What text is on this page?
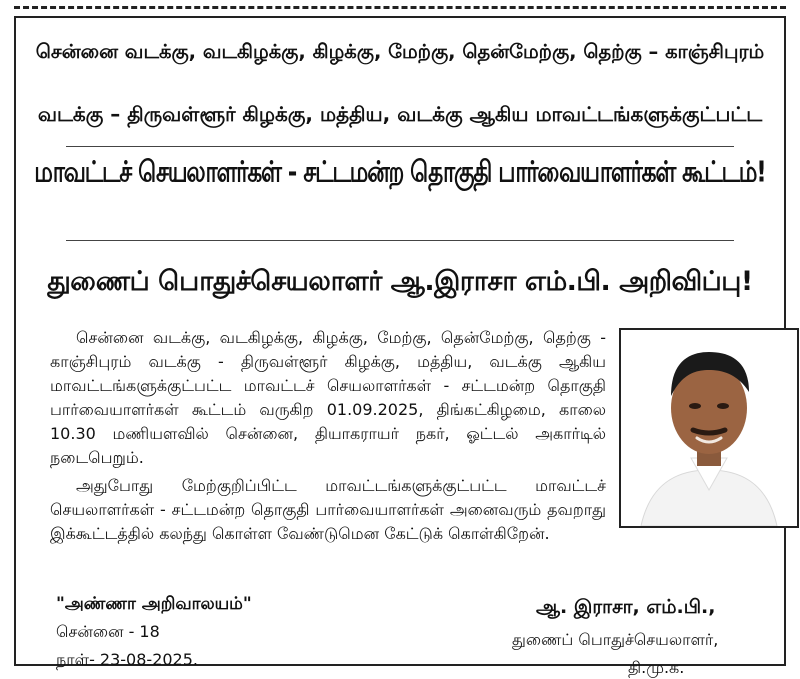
சென்னை வடக்கு, வடகிழக்கு, கிழக்கு, மேற்கு, தென்மேற்கு, தெற்கு – காஞ்சிபுரம்
வடக்கு – திருவள்ளூர் கிழக்கு, மத்திய, வடக்கு ஆகிய மாவட்டங்களுக்குட்பட்ட
மாவட்டச் செயலாளர்கள் - சட்டமன்ற தொகுதி பார்வையாளர்கள் கூட்டம்!
துணைப் பொதுச்செயலாளர் ஆ.இராசா எம்.பி. அறிவிப்பு!
சென்னை வடக்கு, வடகிழக்கு, கிழக்கு, மேற்கு, தென்மேற்கு, தெற்கு - காஞ்சிபுரம் வடக்கு - திருவள்ளூர் கிழக்கு, மத்திய, வடக்கு ஆகிய மாவட்டங்களுக்குட்பட்ட மாவட்டச் செயலாளர்கள் - சட்டமன்ற தொகுதி பார்வையாளர்கள் கூட்டம் வருகிற 01.09.2025, திங்கட்கிழமை, காலை 10.30 மணியளவில் சென்னை, தியாகராயர் நகர், ஓட்டல் அகார்டில் நடைபெறும்.
அதுபோது மேற்குறிப்பிட்ட மாவட்டங்களுக்குட்பட்ட மாவட்டச் செயலாளர்கள் - சட்டமன்ற தொகுதி பார்வையாளர்கள் அனைவரும் தவறாது இக்கூட்டத்தில் கலந்து கொள்ள வேண்டுமென கேட்டுக் கொள்கிறேன்.
"அண்ணா அறிவாலயம்"
சென்னை - 18
நாள்- 23-08-2025.
ஆ. இராசா, எம்.பி.,
துணைப் பொதுச்செயலாளர்,
தி.மு.க.
